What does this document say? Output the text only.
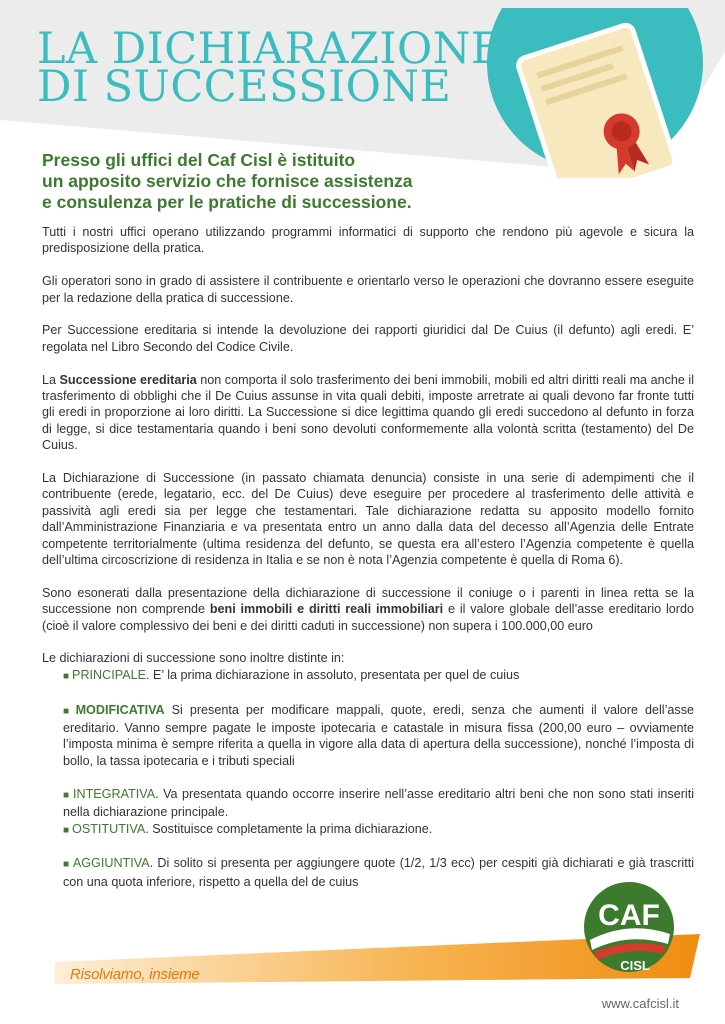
LA DICHIARAZIONE
DI SUCCESSIONE

Presso gli uffici del Caf Cisl è istituito
un apposito servizio che fornisce assistenza
e consulenza per le pratiche di successione.

Tutti i nostri uffici operano utilizzando programmi informatici di supporto che rendono più agevole e sicura la predisposizione della pratica.

Gli operatori sono in grado di assistere il contribuente e orientarlo verso le operazioni che dovranno essere eseguite per la redazione della pratica di successione.

Per Successione ereditaria si intende la devoluzione dei rapporti giuridici dal De Cuius (il defunto) agli eredi. E’ regolata nel Libro Secondo del Codice Civile.

La Successione ereditaria non comporta il solo trasferimento dei beni immobili, mobili ed altri diritti reali ma anche il trasferimento di obblighi che il De Cuius assunse in vita quali debiti, imposte arretrate ai quali devono far fronte tutti gli eredi in proporzione ai loro diritti. La Successione si dice legittima quando gli eredi succedono al defunto in forza di legge, si dice testamentaria quando i beni sono devoluti conformemente alla volontà scritta (testamento) del De Cuius.

La Dichiarazione di Successione (in passato chiamata denuncia) consiste in una serie di adempimenti che il contribuente (erede, legatario, ecc. del De Cuius) deve eseguire per procedere al trasferimento delle attività e passività agli eredi sia per legge che testamentari. Tale dichiarazione redatta su apposito modello fornito dall’Amministrazione Finanziaria e va presentata entro un anno dalla data del decesso all’Agenzia delle Entrate competente territorialmente (ultima residenza del defunto, se questa era all’estero l’Agenzia competente è quella dell’ultima circoscrizione di residenza in Italia e se non è nota l’Agenzia competente è quella di Roma 6).

Sono esonerati dalla presentazione della dichiarazione di successione il coniuge o i parenti in linea retta se la successione non comprende beni immobili e diritti reali immobiliari e il valore globale dell’asse ereditario lordo (cioè il valore complessivo dei beni e dei diritti caduti in successione) non supera i 100.000,00 euro

Le dichiarazioni di successione sono inoltre distinte in:

■ PRINCIPALE. E’ la prima dichiarazione in assoluto, presentata per quel de cuius
■ MODIFICATIVA Si presenta per modificare mappali, quote, eredi, senza che aumenti il valore dell’asse ereditario. Vanno sempre pagate le imposte ipotecaria e catastale in misura fissa (200,00 euro – ovviamente l’imposta minima è sempre riferita a quella in vigore alla data di apertura della successione), nonché l’imposta di bollo, la tassa ipotecaria e i tributi speciali
■ INTEGRATIVA. Va presentata quando occorre inserire nell’asse ereditario altri beni che non sono stati inseriti nella dichiarazione principale.
■ OSTITUTIVA. Sostituisce completamente la prima dichiarazione.
■ AGGIUNTIVA. Di solito si presenta per aggiungere quote (1/2, 1/3 ecc) per cespiti già dichiarati e già trascritti con una quota inferiore, rispetto a quella del de cuius
Risolviamo, insieme
CAF
CISL
www.cafcisl.it
